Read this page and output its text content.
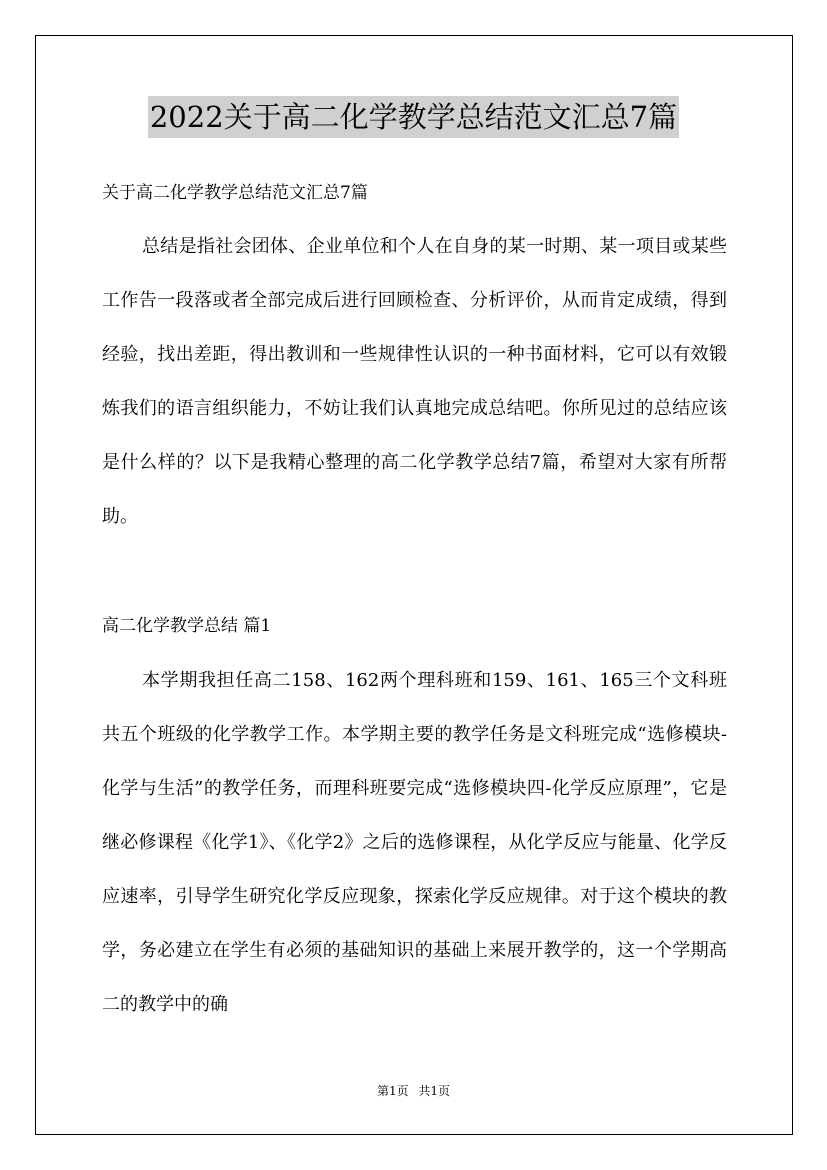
2022关于高二化学教学总结范文汇总7篇
关于高二化学教学总结范文汇总7篇

总结是指社会团体、企业单位和个人在自身的某一时期、某一项目或某些工作告一段落或者全部完成后进行回顾检查、分析评价，从而肯定成绩，得到经验，找出差距，得出教训和一些规律性认识的一种书面材料，它可以有效锻炼我们的语言组织能力，不妨让我们认真地完成总结吧。你所见过的总结应该是什么样的？以下是我精心整理的高二化学教学总结7篇，希望对大家有所帮助。

高二化学教学总结 篇1

本学期我担任高二158、162两个理科班和159、161、165三个文科班共五个班级的化学教学工作。本学期主要的教学任务是文科班完成“选修模块-化学与生活”的教学任务，而理科班要完成“选修模块四-化学反应原理”，它是继必修课程《化学1》、《化学2》之后的选修课程，从化学反应与能量、化学反应速率，引导学生研究化学反应现象，探索化学反应规律。对于这个模块的教学，务必建立在学生有必须的基础知识的基础上来展开教学的，这一个学期高二的教学中的确

第1页 共1页
